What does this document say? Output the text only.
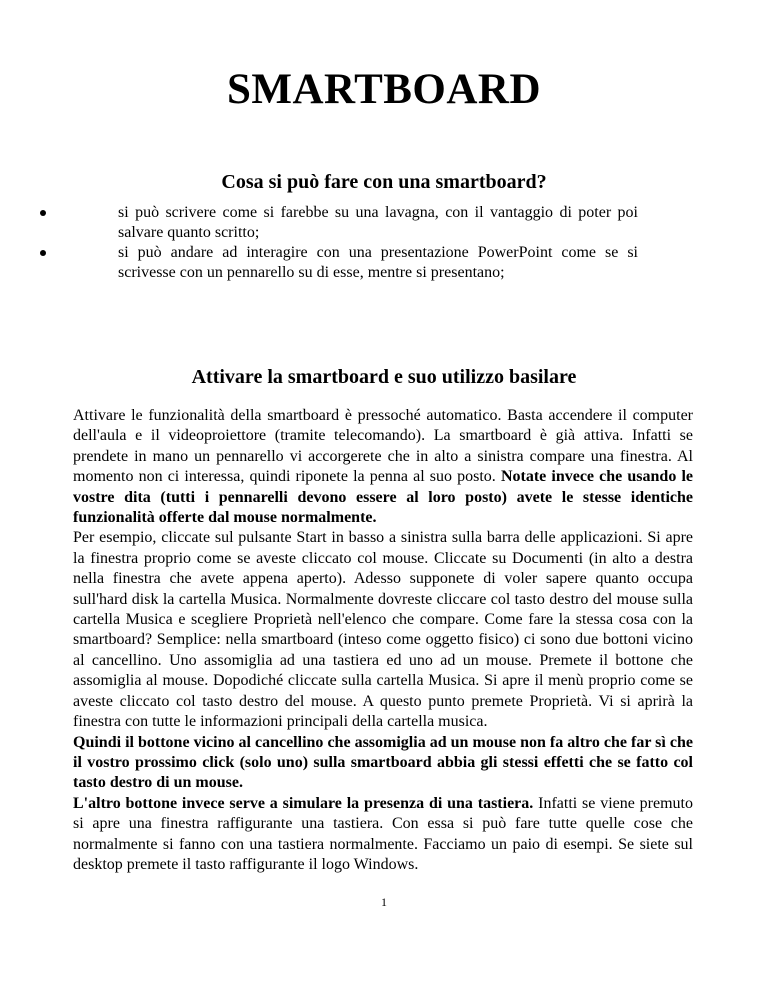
SMARTBOARD
Cosa si può fare con una smartboard?
si può scrivere come si farebbe su una lavagna, con il vantaggio di poter poi salvare quanto scritto;
si può andare ad interagire con una presentazione PowerPoint come se si scrivesse con un pennarello su di esse, mentre si presentano;
Attivare la smartboard e suo utilizzo basilare
Attivare le funzionalità della smartboard è pressoché automatico. Basta accendere il computer dell'aula e il videoproiettore (tramite telecomando). La smartboard è già attiva. Infatti se prendete in mano un pennarello vi accorgerete che in alto a sinistra compare una finestra. Al momento non ci interessa, quindi riponete la penna al suo posto. Notate invece che usando le vostre dita (tutti i pennarelli devono essere al loro posto) avete le stesse identiche funzionalità offerte dal mouse normalmente.
Per esempio, cliccate sul pulsante Start in basso a sinistra sulla barra delle applicazioni. Si apre la finestra proprio come se aveste cliccato col mouse. Cliccate su Documenti (in alto a destra nella finestra che avete appena aperto). Adesso supponete di voler sapere quanto occupa sull'hard disk la cartella Musica. Normalmente dovreste cliccare col tasto destro del mouse sulla cartella Musica e scegliere Proprietà nell'elenco che compare. Come fare la stessa cosa con la smartboard? Semplice: nella smartboard (inteso come oggetto fisico) ci sono due bottoni vicino al cancellino. Uno assomiglia ad una tastiera ed uno ad un mouse. Premete il bottone che assomiglia al mouse. Dopodiché cliccate sulla cartella Musica. Si apre il menù proprio come se aveste cliccato col tasto destro del mouse. A questo punto premete Proprietà. Vi si aprirà la finestra con tutte le informazioni principali della cartella musica.
Quindi il bottone vicino al cancellino che assomiglia ad un mouse non fa altro che far sì che il vostro prossimo click (solo uno) sulla smartboard abbia gli stessi effetti che se fatto col tasto destro di un mouse.
L'altro bottone invece serve a simulare la presenza di una tastiera. Infatti se viene premuto si apre una finestra raffigurante una tastiera. Con essa si può fare tutte quelle cose che normalmente si fanno con una tastiera normalmente. Facciamo un paio di esempi. Se siete sul desktop premete il tasto raffigurante il logo Windows.
1
